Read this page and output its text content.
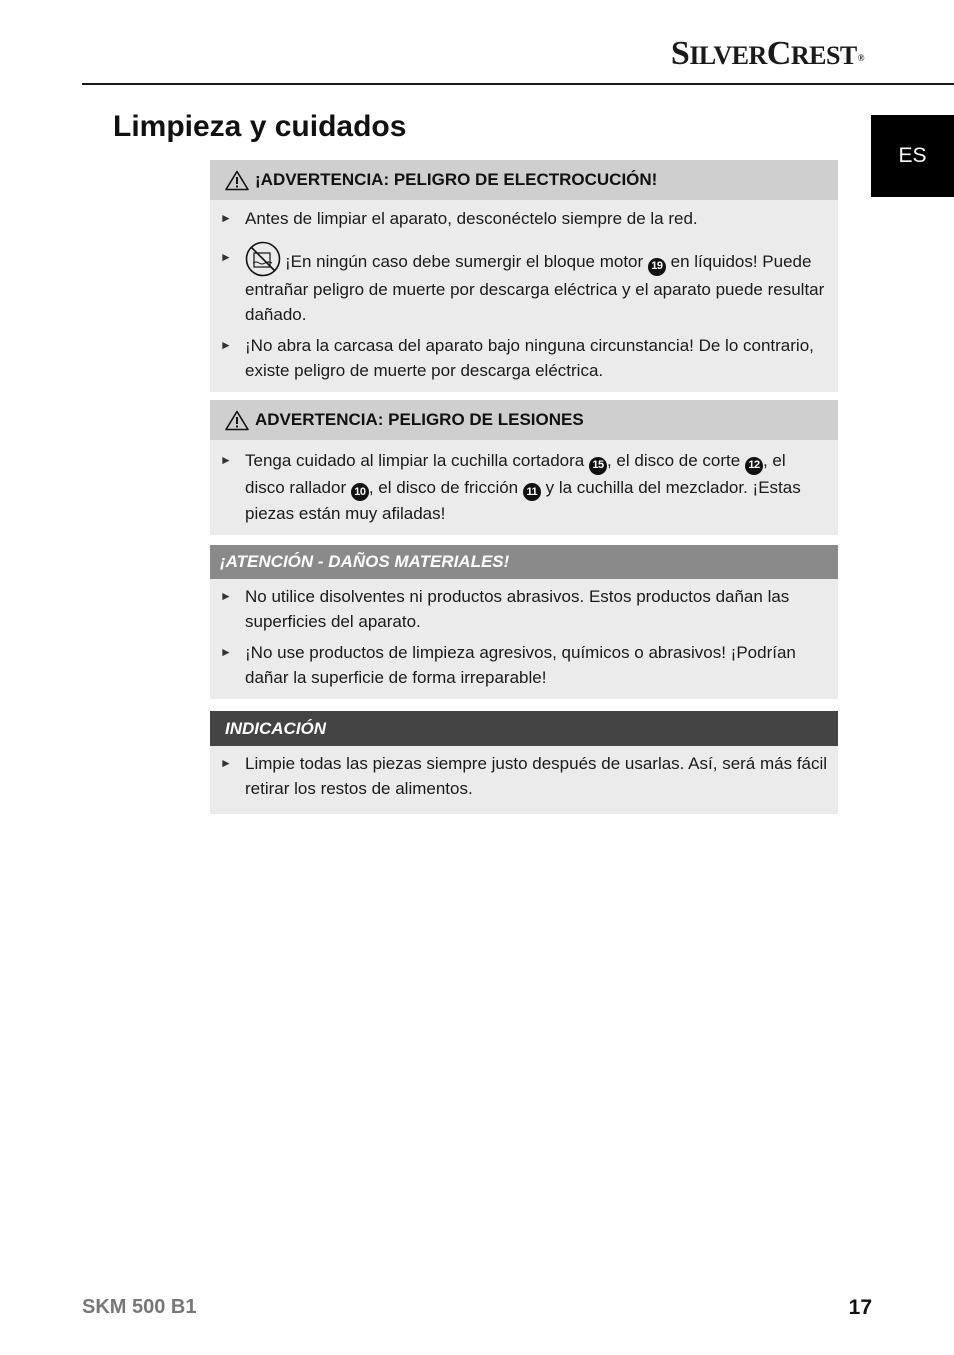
SILVERCREST®
ES
Limpieza y cuidados
¡ADVERTENCIA: PELIGRO DE ELECTROCUCIÓN!
► Antes de limpiar el aparato, desconéctelo siempre de la red.
►	¡En ningún caso debe sumergir el bloque motor 19 en líquidos! Puede entrañar peligro de muerte por descarga eléctrica y el aparato puede resultar dañado.
► ¡No abra la carcasa del aparato bajo ninguna circunstancia! De lo contrario, existe peligro de muerte por descarga eléctrica.
ADVERTENCIA: PELIGRO DE LESIONES
► Tenga cuidado al limpiar la cuchilla cortadora 15 , el disco de corte 12 , el disco rallador 10 , el disco de fricción 11 y la cuchilla del mezclador. ¡Estas piezas están muy afiladas!
¡ATENCIÓN - DAÑOS MATERIALES!
► No utilice disolventes ni productos abrasivos. Estos productos dañan las superficies del aparato.
► ¡No use productos de limpieza agresivos, químicos o abrasivos! ¡Podrían dañar la superficie de forma irreparable!
INDICACIÓN
► Limpie todas las piezas siempre justo después de usarlas. Así, será más fácil retirar los restos de alimentos.
SKM 500 B1	17
